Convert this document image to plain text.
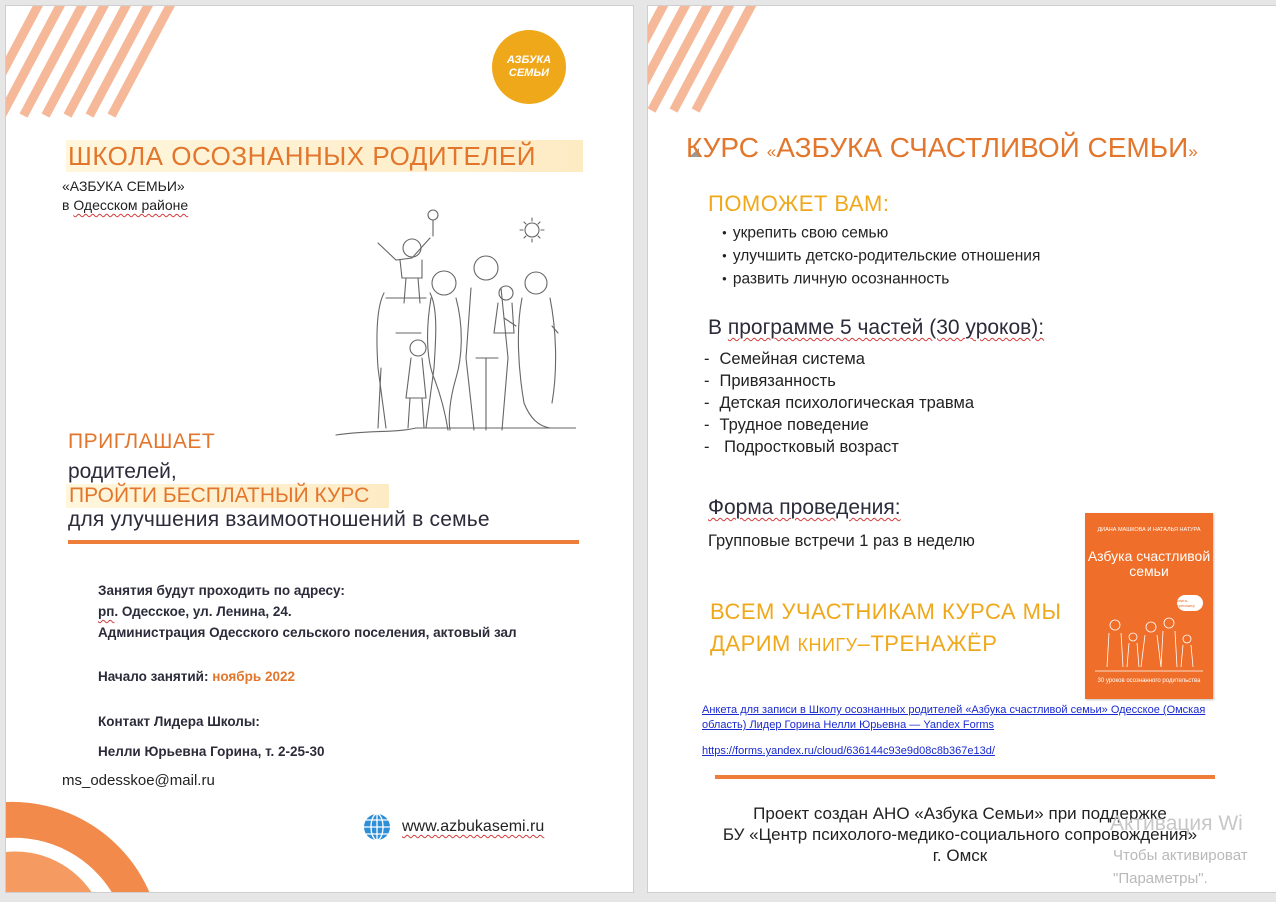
АЗБУКА
СЕМЬИ
ШКОЛА ОСОЗНАННЫХ РОДИТЕЛЕЙ
«АЗБУКА СЕМЬИ»
в Одесском районе
ПРИГЛАШАЕТ
родителей,
ПРОЙТИ БЕСПЛАТНЫЙ КУРС
для улучшения взаимоотношений в семье
Занятия будут проходить по адресу:
рп. Одесское, ул. Ленина, 24.
Администрация Одесского сельского поселения, актовый зал
Начало занятий: ноябрь 2022
Контакт Лидера Школы:
Нелли Юрьевна Горина, т. 2-25-30
ms_odesskoe@mail.ru
www.azbukasemi.ru
КУРС «АЗБУКА СЧАСТЛИВОЙ СЕМЬИ»
ПОМОЖЕТ ВАМ:
● укрепить свою семью
● улучшить детско-родительские отношения
● развить личную осознанность
В программе 5 частей (30 уроков):
- Семейная система
- Привязанность
- Детская психологическая травма
- Трудное поведение
- Подростковый возраст
Форма проведения:
Групповые встречи 1 раз в неделю
ВСЕМ УЧАСТНИКАМ КУРСА МЫ
ДАРИМ КНИГУ–ТРЕНАЖЁР
ДИАНА МАШКОВА И НАТАЛЬЯ НАТУРА
Азбука счастливой семьи
книга-тренажер
30 уроков осознанного родительства
Анкета для записи в Школу осознанных родителей «Азбука счастливой семьи» Одесское (Омская
область) Лидер Горина Нелли Юрьевна — Yandex Forms
https://forms.yandex.ru/cloud/636144c93e9d08c8b367e13d/
Проект создан АНО «Азбука Семьи» при поддержке
БУ «Центр психолого-медико-социального сопровождения»
г. Омск
Активация Wi
Чтобы активироват
"Параметры".
